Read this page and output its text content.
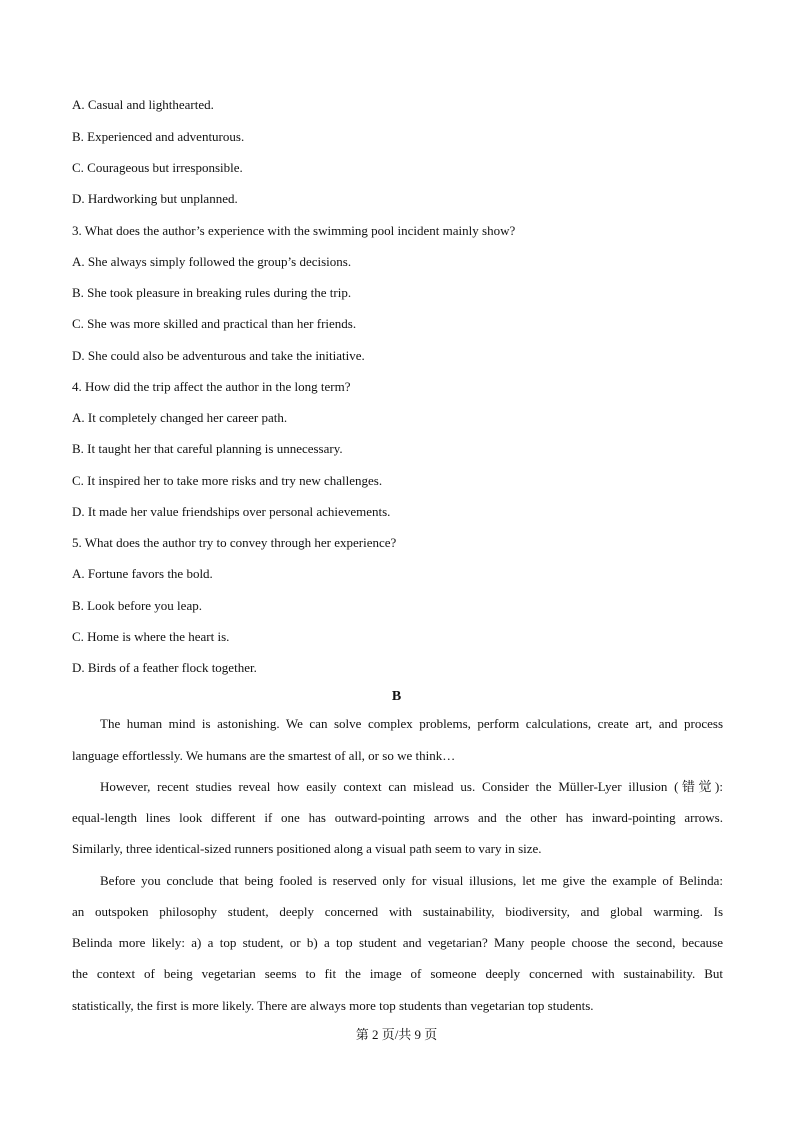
A. Casual and lighthearted.
B. Experienced and adventurous.
C. Courageous but irresponsible.
D. Hardworking but unplanned.
3. What does the author’s experience with the swimming pool incident mainly show?
A. She always simply followed the group’s decisions.
B. She took pleasure in breaking rules during the trip.
C. She was more skilled and practical than her friends.
D. She could also be adventurous and take the initiative.
4. How did the trip affect the author in the long term?
A. It completely changed her career path.
B. It taught her that careful planning is unnecessary.
C. It inspired her to take more risks and try new challenges.
D. It made her value friendships over personal achievements.
5. What does the author try to convey through her experience?
A. Fortune favors the bold.
B. Look before you leap.
C. Home is where the heart is.
D. Birds of a feather flock together.
B
The human mind is astonishing. We can solve complex problems, perform calculations, create art, and process
language effortlessly. We humans are the smartest of all, or so we think…
However, recent studies reveal how easily context can mislead us. Consider the Müller-Lyer illusion (错觉):
equal-length lines look different if one has outward-pointing arrows and the other has inward-pointing arrows.
Similarly, three identical-sized runners positioned along a visual path seem to vary in size.
Before you conclude that being fooled is reserved only for visual illusions, let me give the example of Belinda:
an outspoken philosophy student, deeply concerned with sustainability, biodiversity, and global warming. Is
Belinda more likely: a) a top student, or b) a top student and vegetarian? Many people choose the second, because
the context of being vegetarian seems to fit the image of someone deeply concerned with sustainability. But
statistically, the first is more likely. There are always more top students than vegetarian top students.
第 2 页/共 9 页
